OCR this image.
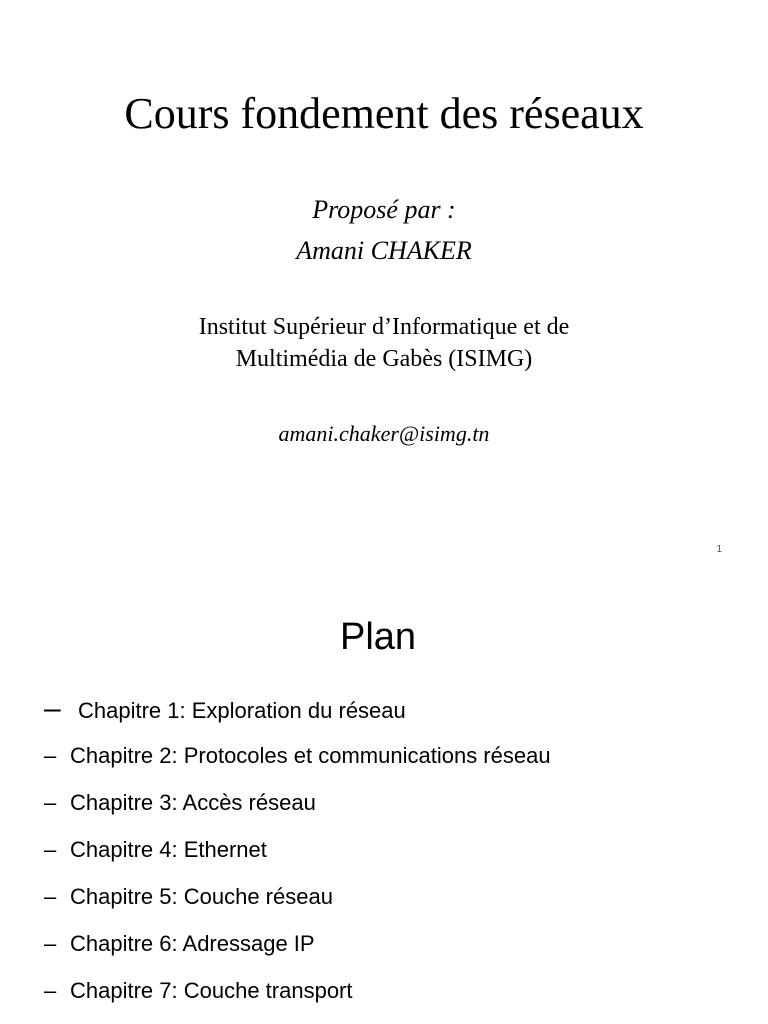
Cours fondement des réseaux
Proposé par :
Amani CHAKER
Institut Supérieur d’Informatique et de
Multimédia de Gabès (ISIMG)
amani.chaker@isimg.tn
1
Plan
– Chapitre 1: Exploration du réseau
– Chapitre 2: Protocoles et communications réseau
– Chapitre 3: Accès réseau
– Chapitre 4: Ethernet
– Chapitre 5: Couche réseau
– Chapitre 6: Adressage IP
– Chapitre 7: Couche transport
